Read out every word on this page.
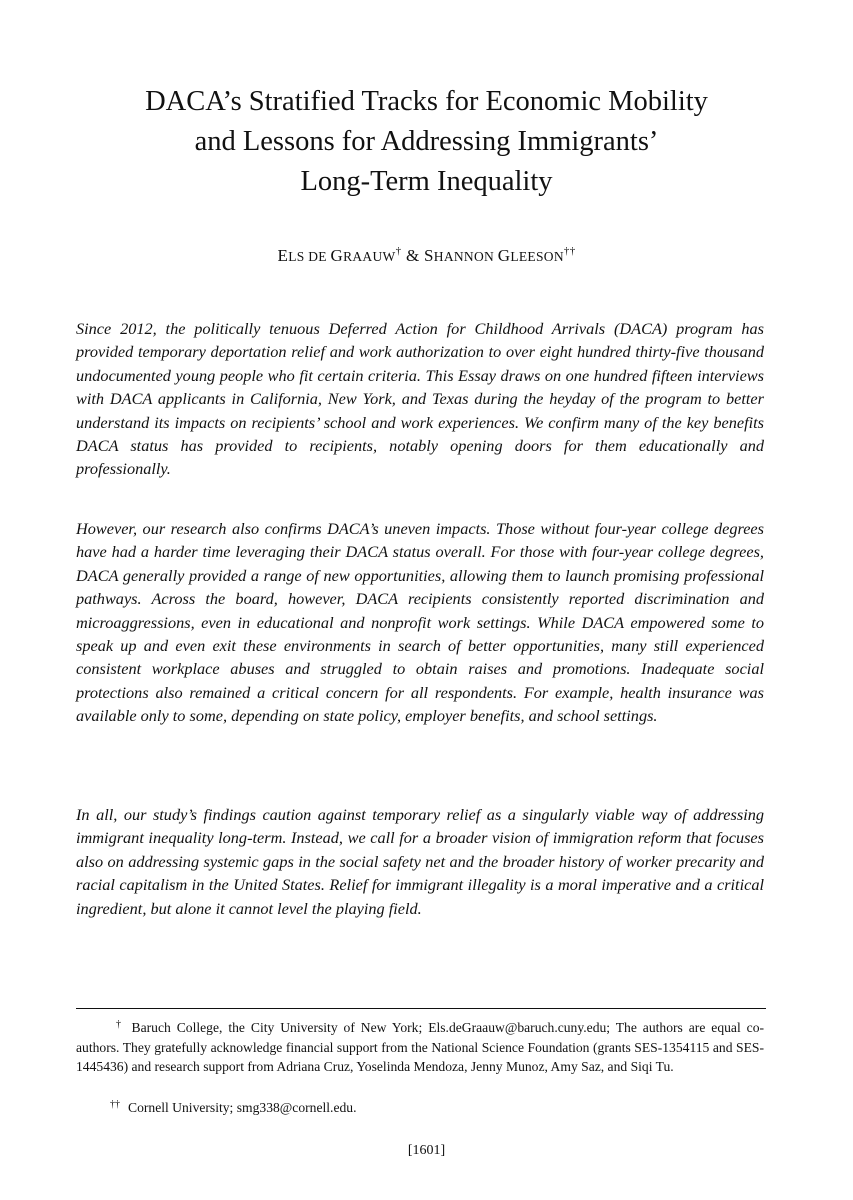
DACA’s Stratified Tracks for Economic Mobility
and Lessons for Addressing Immigrants’
Long-Term Inequality
ELS DE GRAAUW† & SHANNON GLEESON††

Since 2012, the politically tenuous Deferred Action for Childhood Arrivals (DACA) program has provided temporary deportation relief and work authorization to over eight hundred thirty-five thousand undocumented young people who fit certain criteria. This Essay draws on one hundred fifteen interviews with DACA applicants in California, New York, and Texas during the heyday of the program to better understand its impacts on recipients’ school and work experiences. We confirm many of the key benefits DACA status has provided to recipients, notably opening doors for them educationally and professionally.

However, our research also confirms DACA’s uneven impacts. Those without four-year college degrees have had a harder time leveraging their DACA status overall. For those with four-year college degrees, DACA generally provided a range of new opportunities, allowing them to launch promising professional pathways. Across the board, however, DACA recipients consistently reported discrimination and microaggressions, even in educational and nonprofit work settings. While DACA empowered some to speak up and even exit these environments in search of better opportunities, many still experienced consistent workplace abuses and struggled to obtain raises and promotions. Inadequate social protections also remained a critical concern for all respondents. For example, health insurance was available only to some, depending on state policy, employer benefits, and school settings.

In all, our study’s findings caution against temporary relief as a singularly viable way of addressing immigrant inequality long-term. Instead, we call for a broader vision of immigration reform that focuses also on addressing systemic gaps in the social safety net and the broader history of worker precarity and racial capitalism in the United States. Relief for immigrant illegality is a moral imperative and a critical ingredient, but alone it cannot level the playing field.

† Baruch College, the City University of New York; Els.deGraauw@baruch.cuny.edu; The authors are equal co-authors. They gratefully acknowledge financial support from the National Science Foundation (grants SES-1354115 and SES-1445436) and research support from Adriana Cruz, Yoselinda Mendoza, Jenny Munoz, Amy Saz, and Siqi Tu.

†† Cornell University; smg338@cornell.edu.

[1601]
